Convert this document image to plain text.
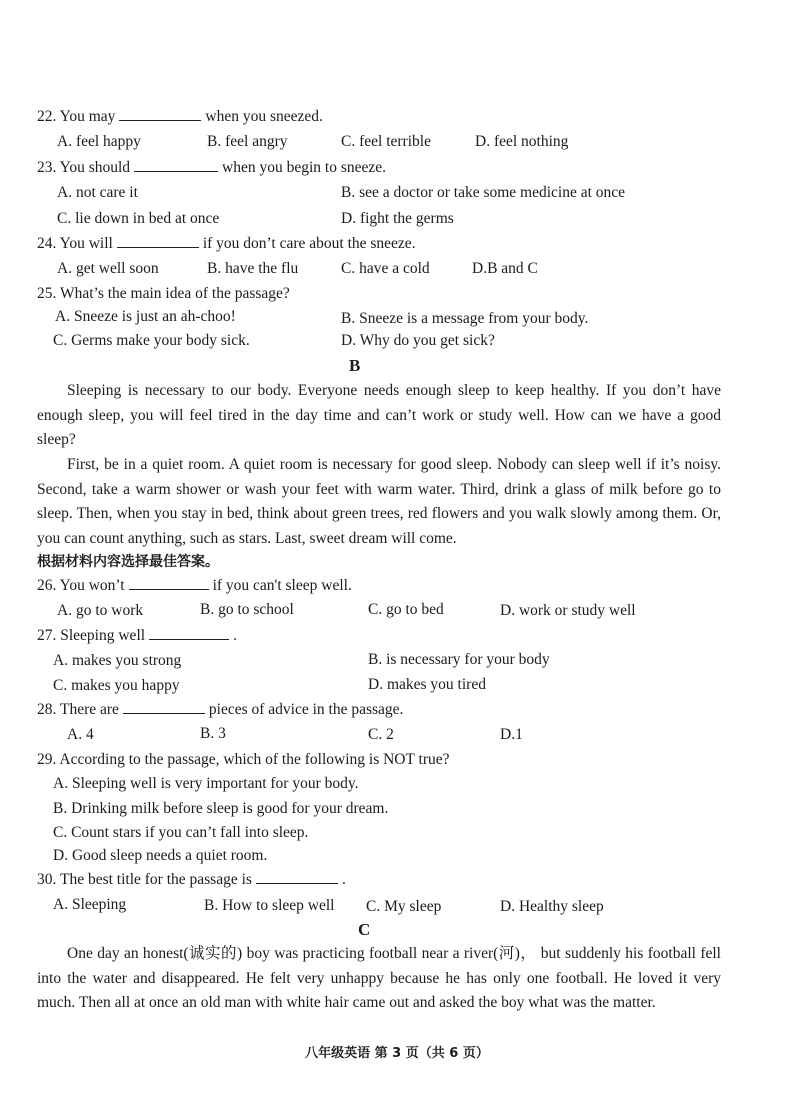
22. You may	when you sneezed.
A. feel happy	B. feel angry	C. feel terrible	D. feel nothing
23. You should	when you begin to sneeze.
A. not care it	B. see a doctor or take some medicine at once
C. lie down in bed at once	D. fight the germs
24. You will	if you don’t care about the sneeze.
A. get well soon	B. have the flu	C. have a cold	D.B and C
25. What’s the main idea of the passage?
A. Sneeze is just an ah-choo!	B. Sneeze is a message from your body.
C. Germs make your body sick.	D. Why do you get sick?
B
Sleeping is necessary to our body. Everyone needs enough sleep to keep healthy. If you don’t have enough sleep, you will feel tired in the day time and can’t work or study well. How can we have a good sleep?
First, be in a quiet room. A quiet room is necessary for good sleep. Nobody can sleep well if it’s noisy. Second, take a warm shower or wash your feet with warm water. Third, drink a glass of milk before go to sleep. Then, when you stay in bed, think about green trees, red flowers and you walk slowly among them. Or, you can count anything, such as stars. Last, sweet dream will come.
根据材料内容选择最佳答案。
26. You won’t	if you can't sleep well.
A. go to work	B. go to school	C. go to bed	D. work or study well
27. Sleeping well	.
A. makes you strong	B. is necessary for your body
C. makes you happy	D. makes you tired
28. There are	pieces of advice in the passage.
A. 4	B. 3	C. 2	D.1
29. According to the passage, which of the following is NOT true?
A. Sleeping well is very important for your body.
B. Drinking milk before sleep is good for your dream.
C. Count stars if you can’t fall into sleep.
D. Good sleep needs a quiet room.
30. The best title for the passage is	.
A. Sleeping	B. How to sleep well C. My sleep	D. Healthy sleep
C
One day an honest(诚实的) boy was practicing football near a river(河)， but suddenly his football fell into the water and disappeared. He felt very unhappy because he has only one football. He loved it very much. Then all at once an old man with white hair came out and asked the boy what was the matter.
八年级英语 第 3 页（共 6 页）
